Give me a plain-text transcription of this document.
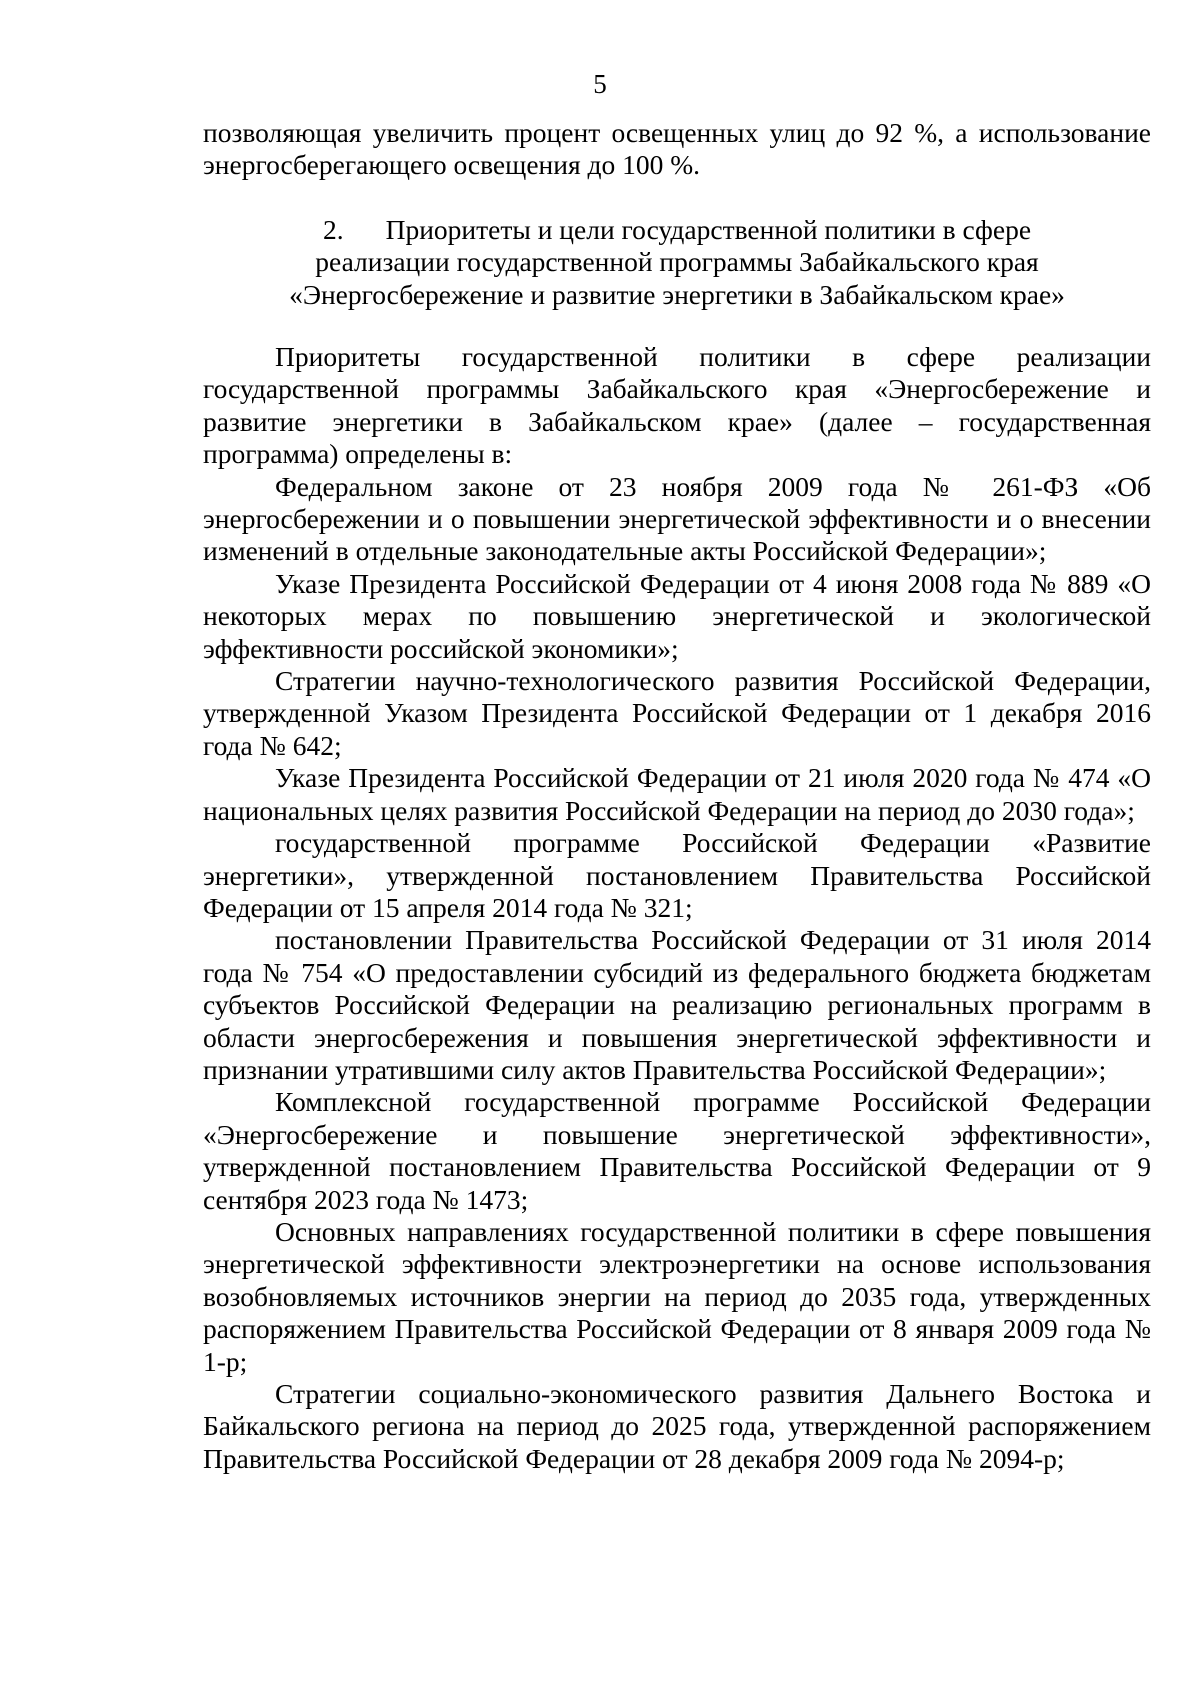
5

позволяющая увеличить процент освещенных улиц до 92 %, а использование энергосберегающего освещения до 100 %.

2. Приоритеты и цели государственной политики в сфере
реализации государственной программы Забайкальского края
«Энергосбережение и развитие энергетики в Забайкальском крае»

Приоритеты государственной политики в сфере реализации государственной программы Забайкальского края «Энергосбережение и развитие энергетики в Забайкальском крае» (далее – государственная программа) определены в:

Федеральном законе от 23 ноября 2009 года № 261-ФЗ «Об энергосбережении и о повышении энергетической эффективности и о внесении изменений в отдельные законодательные акты Российской Федерации»;

Указе Президента Российской Федерации от 4 июня 2008 года № 889 «О некоторых мерах по повышению энергетической и экологической эффективности российской экономики»;

Стратегии научно-технологического развития Российской Федерации, утвержденной Указом Президента Российской Федерации от 1 декабря 2016 года № 642;

Указе Президента Российской Федерации от 21 июля 2020 года № 474 «О национальных целях развития Российской Федерации на период до 2030 года»;

государственной программе Российской Федерации «Развитие энергетики», утвержденной постановлением Правительства Российской Федерации от 15 апреля 2014 года № 321;

постановлении Правительства Российской Федерации от 31 июля 2014 года № 754 «О предоставлении субсидий из федерального бюджета бюджетам субъектов Российской Федерации на реализацию региональных программ в области энергосбережения и повышения энергетической эффективности и признании утратившими силу актов Правительства Российской Федерации»;

Комплексной государственной программе Российской Федерации «Энергосбережение и повышение энергетической эффективности», утвержденной постановлением Правительства Российской Федерации от 9 сентября 2023 года № 1473;

Основных направлениях государственной политики в сфере повышения энергетической эффективности электроэнергетики на основе использования возобновляемых источников энергии на период до 2035 года, утвержденных распоряжением Правительства Российской Федерации от 8 января 2009 года № 1-р;

Стратегии социально-экономического развития Дальнего Востока и Байкальского региона на период до 2025 года, утвержденной распоряжением Правительства Российской Федерации от 28 декабря 2009 года № 2094-р;
